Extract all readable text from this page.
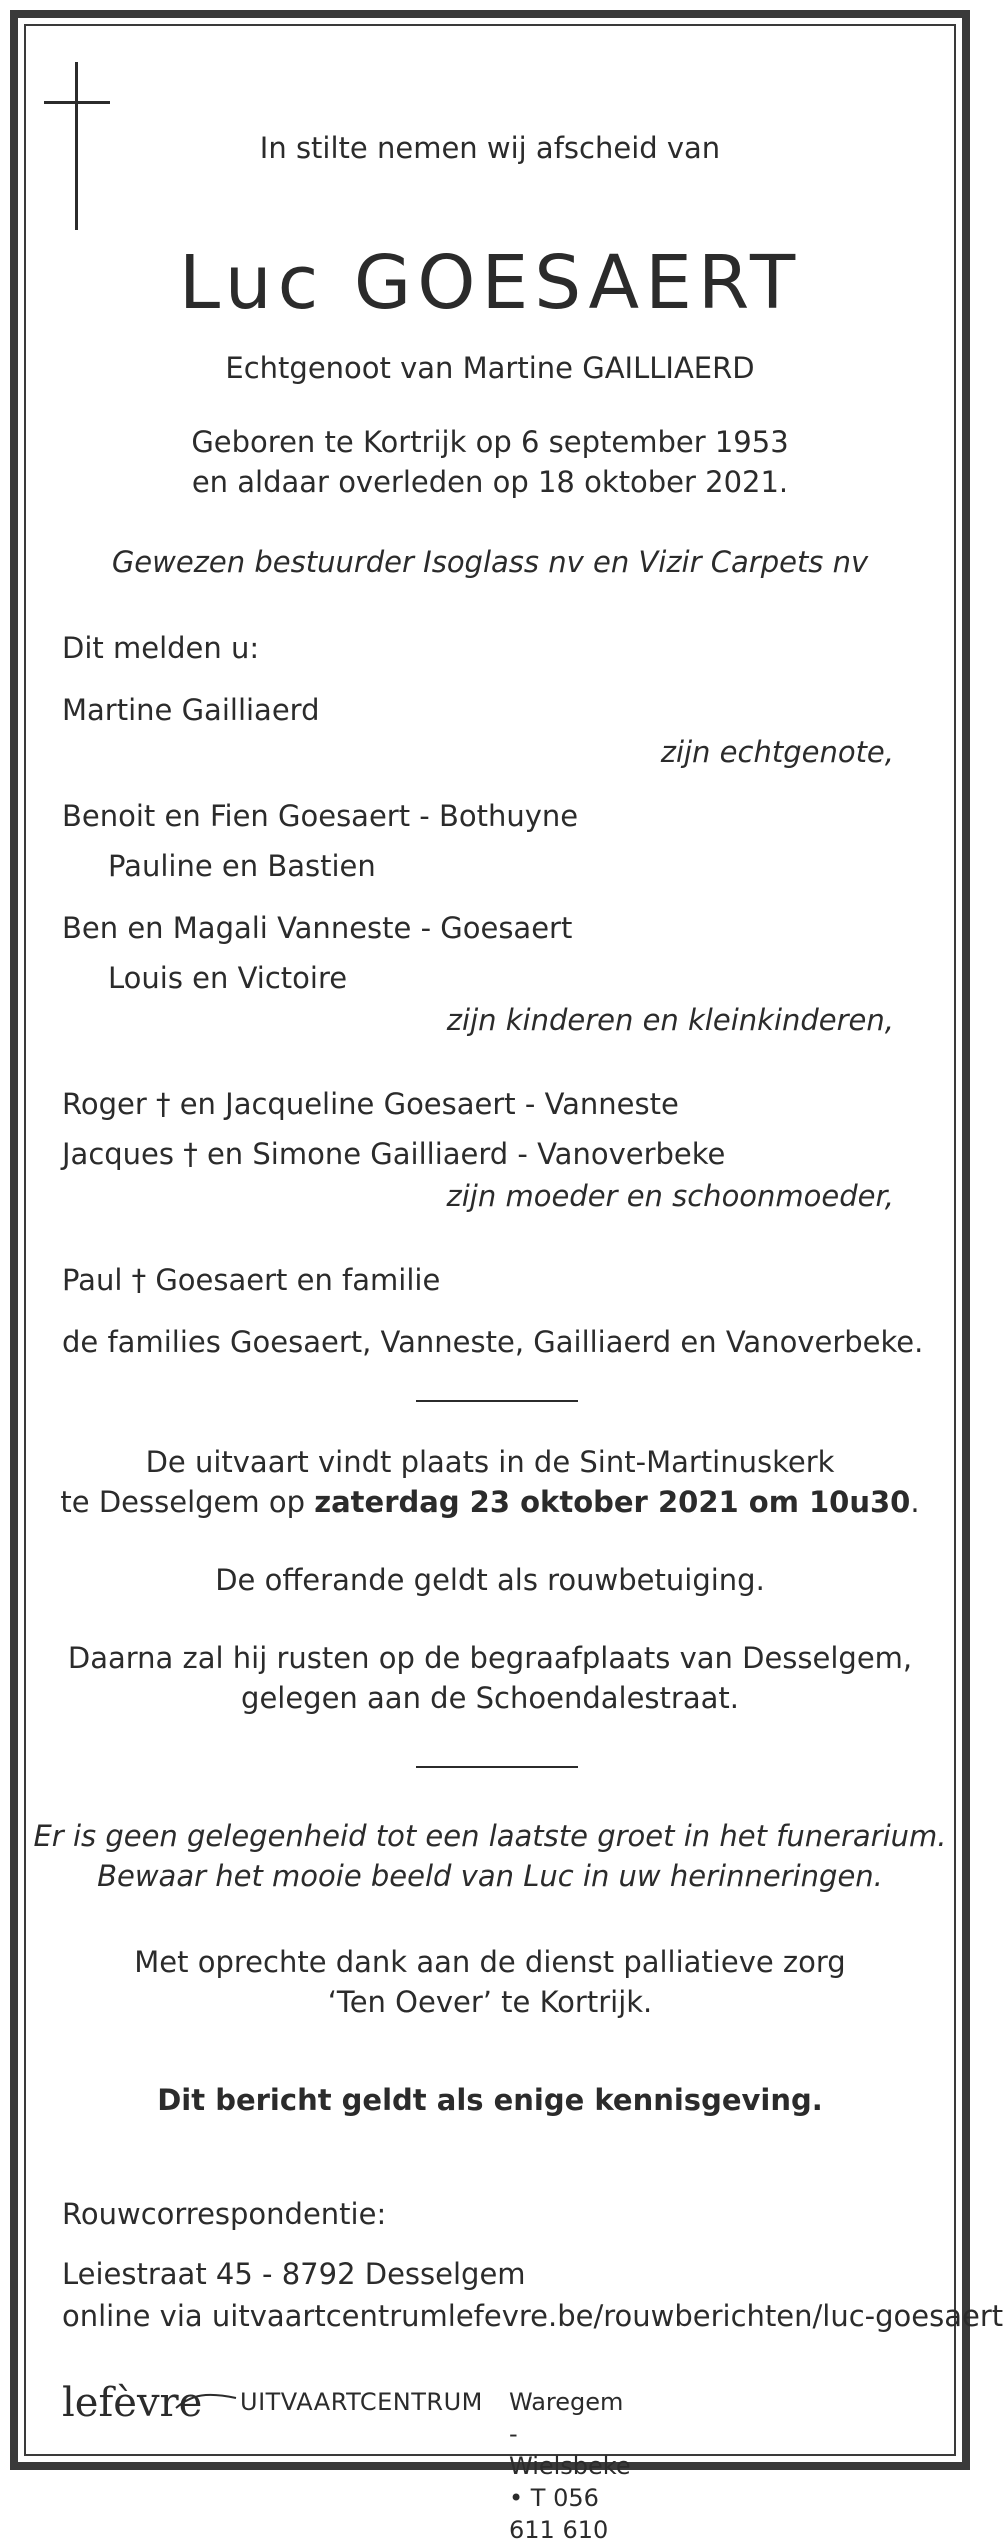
In stilte nemen wij afscheid van

Luc GOESAERT

Echtgenoot van Martine GAILLIAERD

Geboren te Kortrijk op 6 september 1953

en aldaar overleden op 18 oktober 2021.

Gewezen bestuurder Isoglass nv en Vizir Carpets nv

Dit melden u:

Martine Gailliaerd

zijn echtgenote,

Benoit en Fien Goesaert - Bothuyne

Pauline en Bastien

Ben en Magali Vanneste - Goesaert

Louis en Victoire

zijn kinderen en kleinkinderen,

Roger † en Jacqueline Goesaert - Vanneste

Jacques † en Simone Gailliaerd - Vanoverbeke

zijn moeder en schoonmoeder,

Paul † Goesaert en familie

de families Goesaert, Vanneste, Gailliaerd en Vanoverbeke.

De uitvaart vindt plaats in de Sint-Martinuskerk

te Desselgem op zaterdag 23 oktober 2021 om 10u30.

De offerande geldt als rouwbetuiging.

Daarna zal hij rusten op de begraafplaats van Desselgem,

gelegen aan de Schoendalestraat.

Er is geen gelegenheid tot een laatste groet in het funerarium.

Bewaar het mooie beeld van Luc in uw herinneringen.

Met oprechte dank aan de dienst palliatieve zorg

‘Ten Oever’ te Kortrijk.

Dit bericht geldt als enige kennisgeving.

Rouwcorrespondentie:

Leiestraat 45 - 8792 Desselgem

online via uitvaartcentrumlefevre.be/rouwberichten/luc-goesaert

lefèvre UITVAARTCENTRUM Waregem - Wielsbeke • T 056 611 610
